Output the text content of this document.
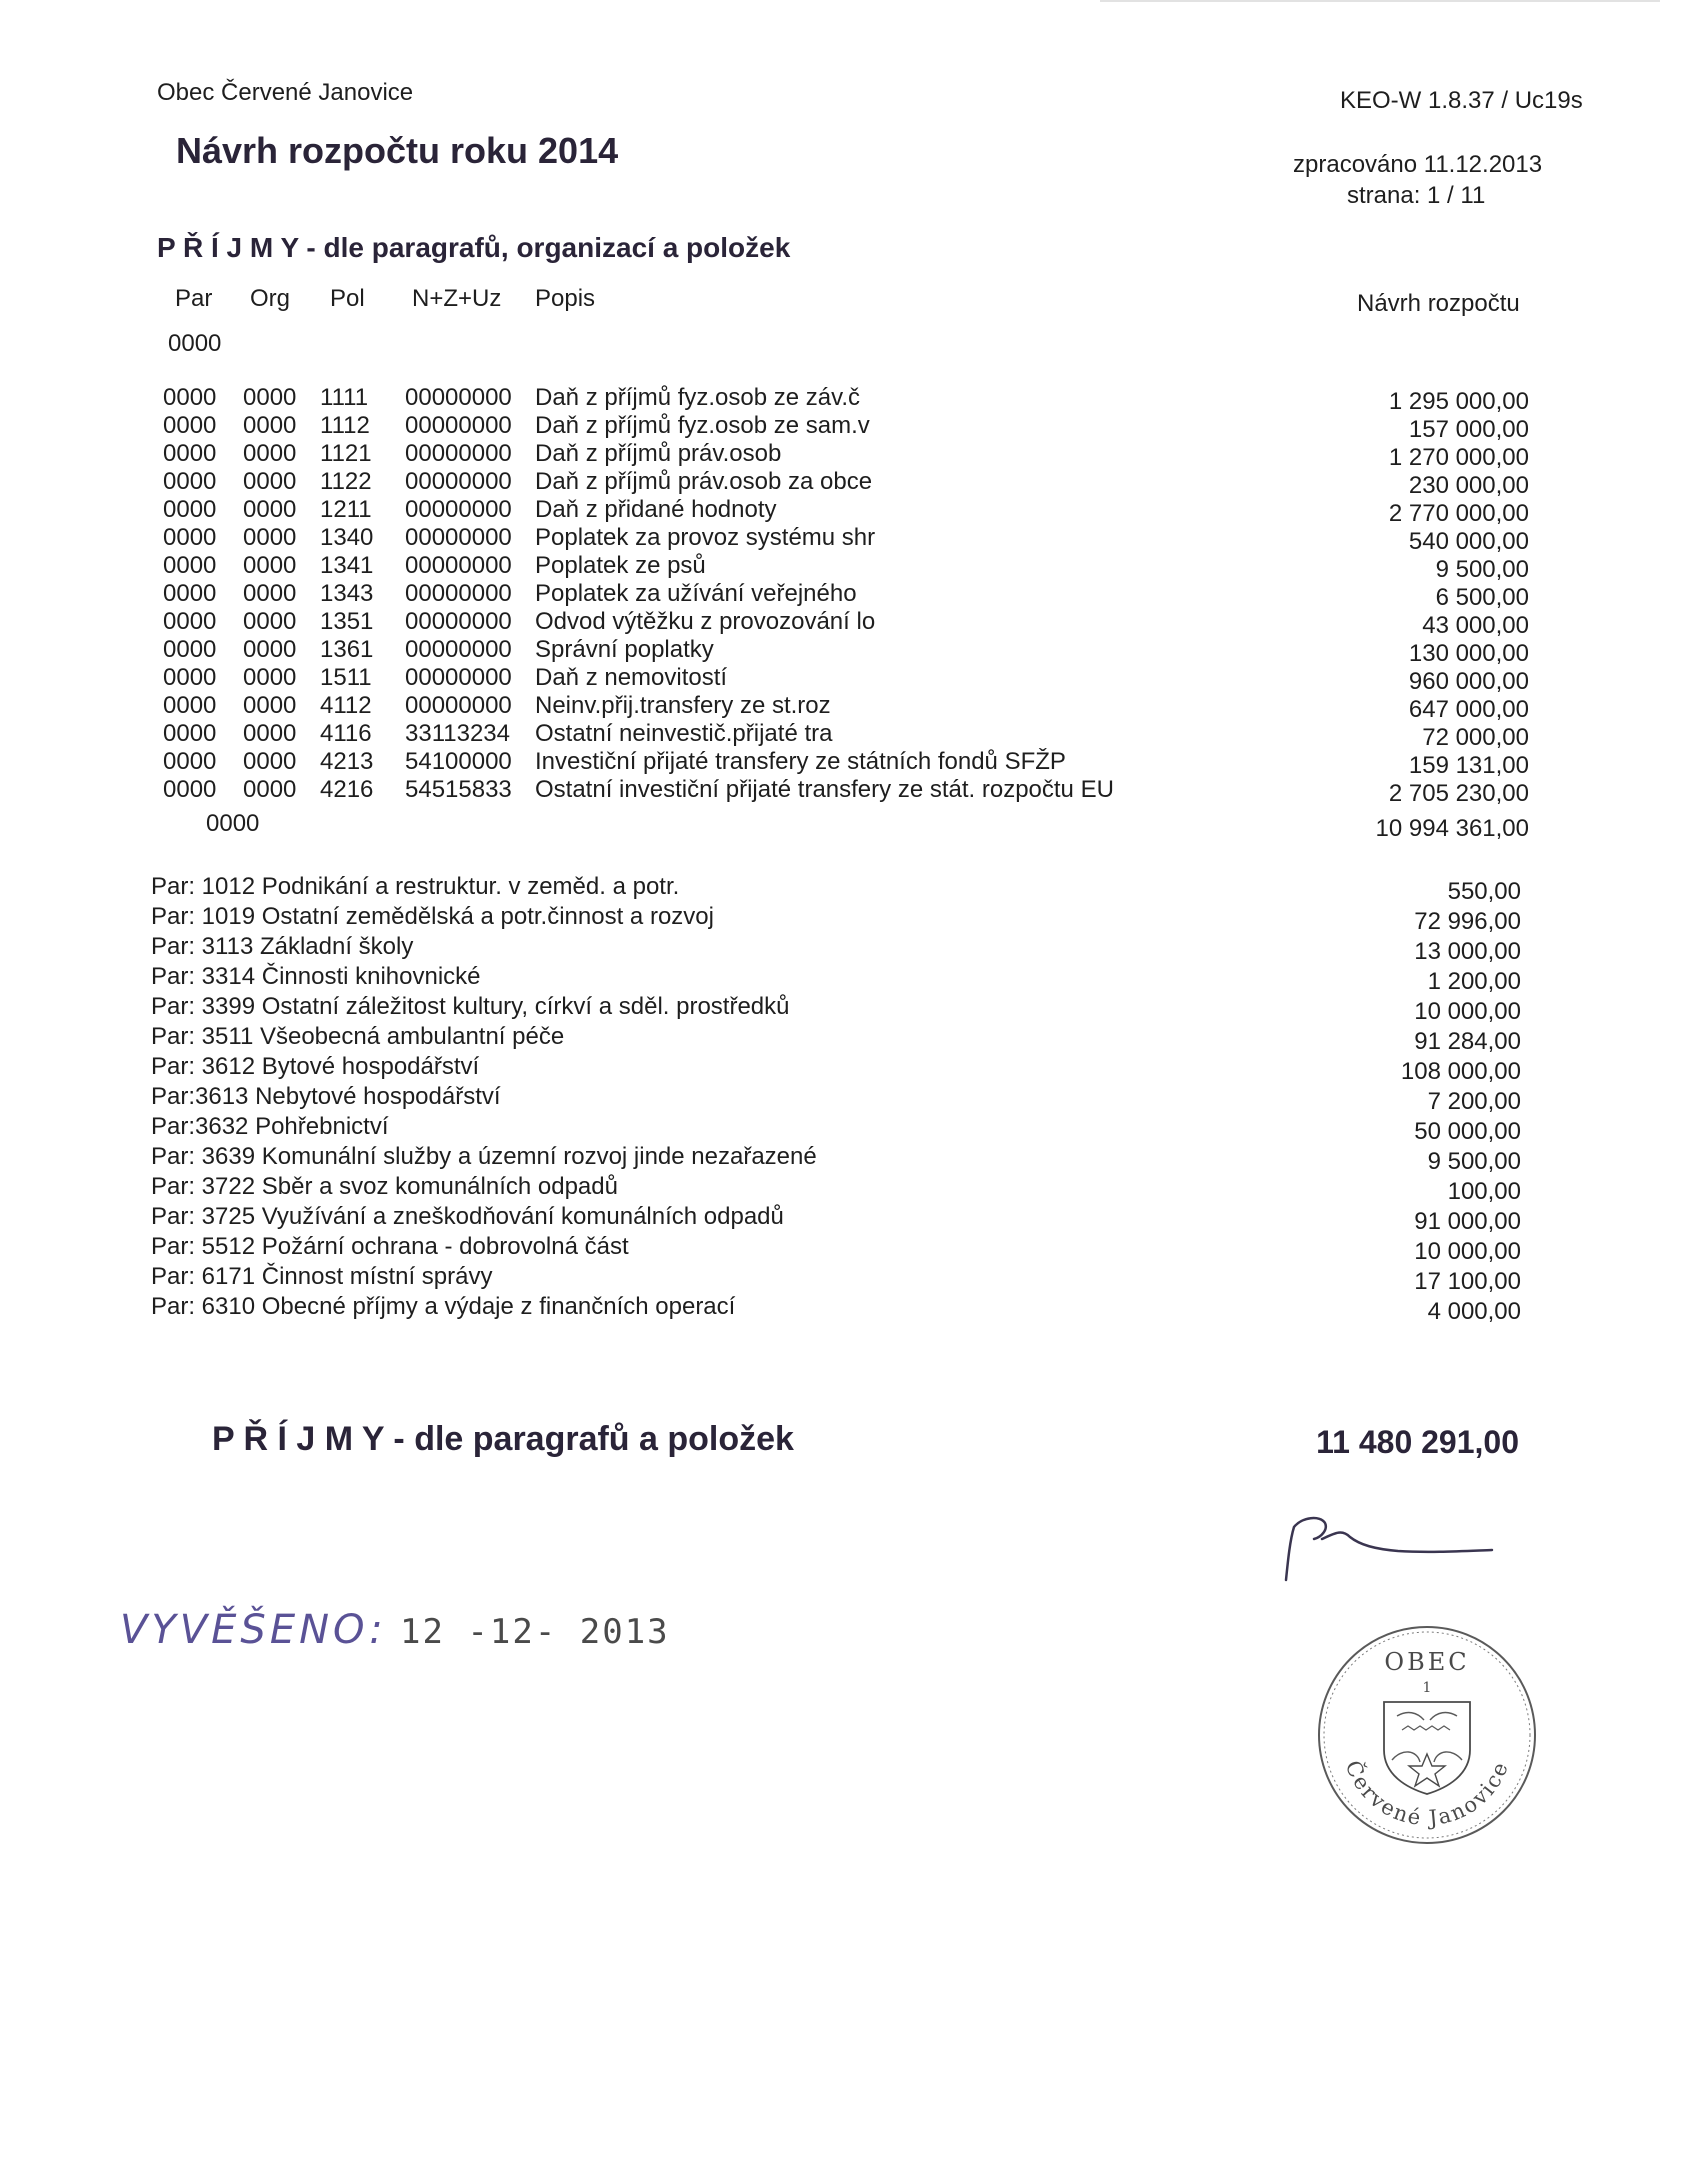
Obec Červené Janovice	KEO-W 1.8.37 / Uc19s
Návrh rozpočtu roku 2014	zpracováno 11.12.2013
strana: 1 / 11
P Ř Í J M Y - dle paragrafů, organizací a položek
Par Org Pol N+Z+Uz Popis	Návrh rozpočtu
0000
0000 0000 1111 00000000 Daň z příjmů fyz.osob ze záv.č	1 295 000,00
0000 0000 1112 00000000 Daň z příjmů fyz.osob ze sam.v	157 000,00
0000 0000 1121 00000000 Daň z příjmů práv.osob	1 270 000,00
0000 0000 1122 00000000 Daň z příjmů práv.osob za obce	230 000,00
0000 0000 1211 00000000 Daň z přidané hodnoty	2 770 000,00
0000 0000 1340 00000000 Poplatek za provoz systému shr	540 000,00
0000 0000 1341 00000000 Poplatek ze psů	9 500,00
0000 0000 1343 00000000 Poplatek za užívání veřejného	6 500,00
0000 0000 1351 00000000 Odvod výtěžku z provozování lo	43 000,00
0000 0000 1361 00000000 Správní poplatky	130 000,00
0000 0000 1511 00000000 Daň z nemovitostí	960 000,00
0000 0000 4112 00000000 Neinv.přij.transfery ze st.roz	647 000,00
0000 0000 4116 33113234 Ostatní neinvestič.přijaté tra	72 000,00
0000 0000 4213 54100000 Investiční přijaté transfery ze státních fondů SFŽP	159 131,00
0000 0000 4216 54515833 Ostatní investiční přijaté transfery ze stát. rozpočtu EU	2 705 230,00
0000	10 994 361,00
Par: 1012 Podnikání a restruktur. v zeměd. a potr.	550,00
Par: 1019 Ostatní zemědělská a potr.činnost a rozvoj	72 996,00
Par: 3113 Základní školy	13 000,00
Par: 3314 Činnosti knihovnické	1 200,00
Par: 3399 Ostatní záležitost kultury, církví a sděl. prostředků	10 000,00
Par: 3511 Všeobecná ambulantní péče	91 284,00
Par: 3612 Bytové hospodářství	108 000,00
Par:3613 Nebytové hospodářství	7 200,00
Par:3632 Pohřebnictví	50 000,00
Par: 3639 Komunální služby a územní rozvoj jinde nezařazené	9 500,00
Par: 3722 Sběr a svoz komunálních odpadů	100,00
Par: 3725 Využívání a zneškodňování komunálních odpadů	91 000,00
Par: 5512 Požární ochrana - dobrovolná část	10 000,00
Par: 6171 Činnost místní správy	17 100,00
Par: 6310 Obecné příjmy a výdaje z finančních operací	4 000,00
P Ř Í J M Y - dle paragrafů a položek	11 480 291,00
VYVĚŠENO: 12 -12- 2013
OBEC
1
Červené Janovice
